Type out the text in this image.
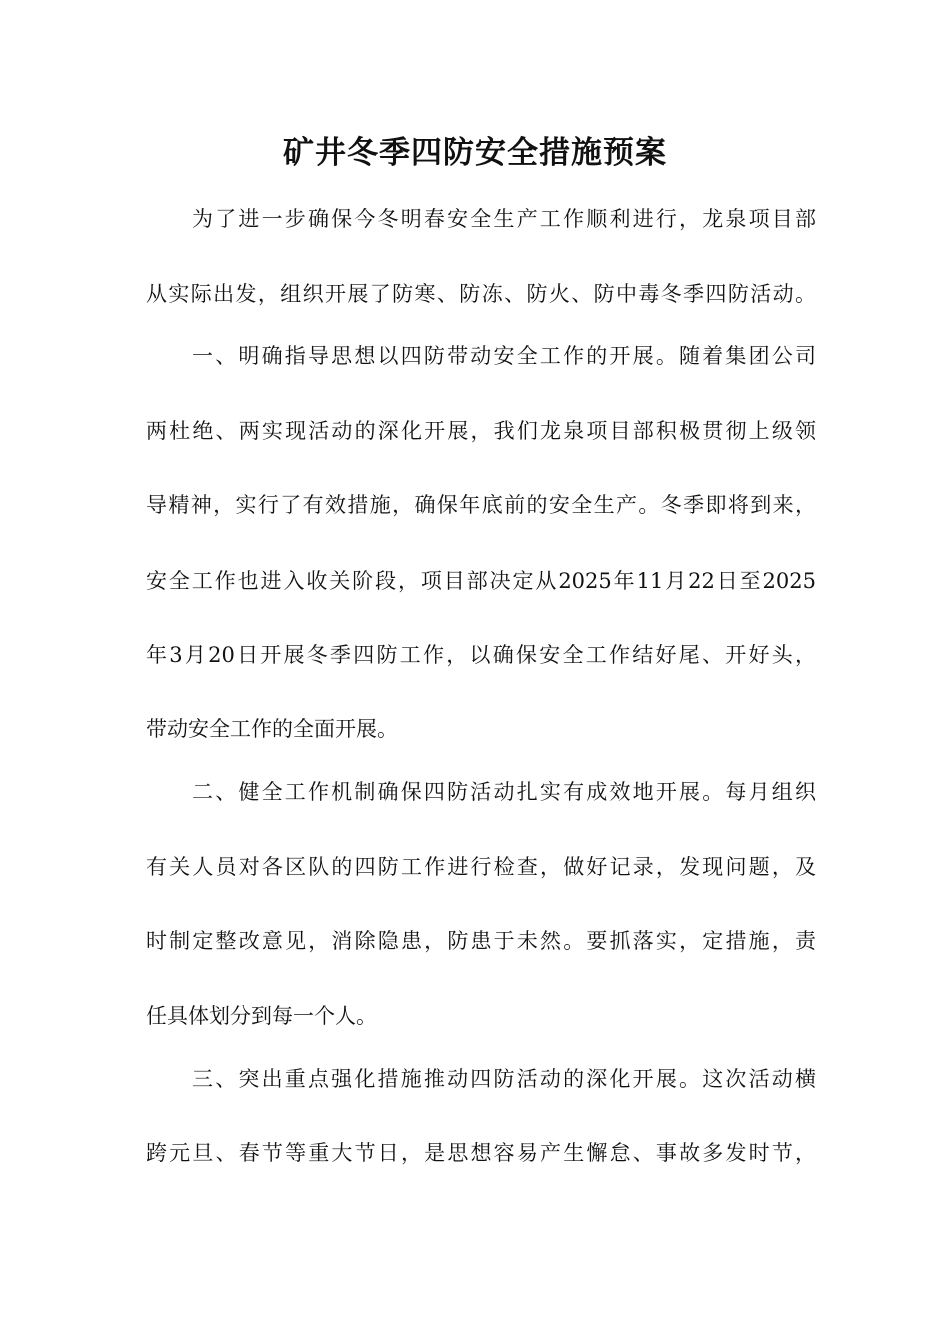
矿井冬季四防安全措施预案
为了进一步确保今冬明春安全生产工作顺利进行，龙泉项目部
从实际出发，组织开展了防寒、防冻、防火、防中毒冬季四防活动。
一、明确指导思想以四防带动安全工作的开展。随着集团公司
两杜绝、两实现活动的深化开展，我们龙泉项目部积极贯彻上级领
导精神，实行了有效措施，确保年底前的安全生产。冬季即将到来，
安全工作也进入收关阶段，项目部决定从2025年11月22日至2025
年3月20日开展冬季四防工作，以确保安全工作结好尾、开好头，
带动安全工作的全面开展。
二、健全工作机制确保四防活动扎实有成效地开展。每月组织
有关人员对各区队的四防工作进行检查，做好记录，发现问题，及
时制定整改意见，消除隐患，防患于未然。要抓落实，定措施，责
任具体划分到每一个人。
三、突出重点强化措施推动四防活动的深化开展。这次活动横
跨元旦、春节等重大节日，是思想容易产生懈怠、事故多发时节，
